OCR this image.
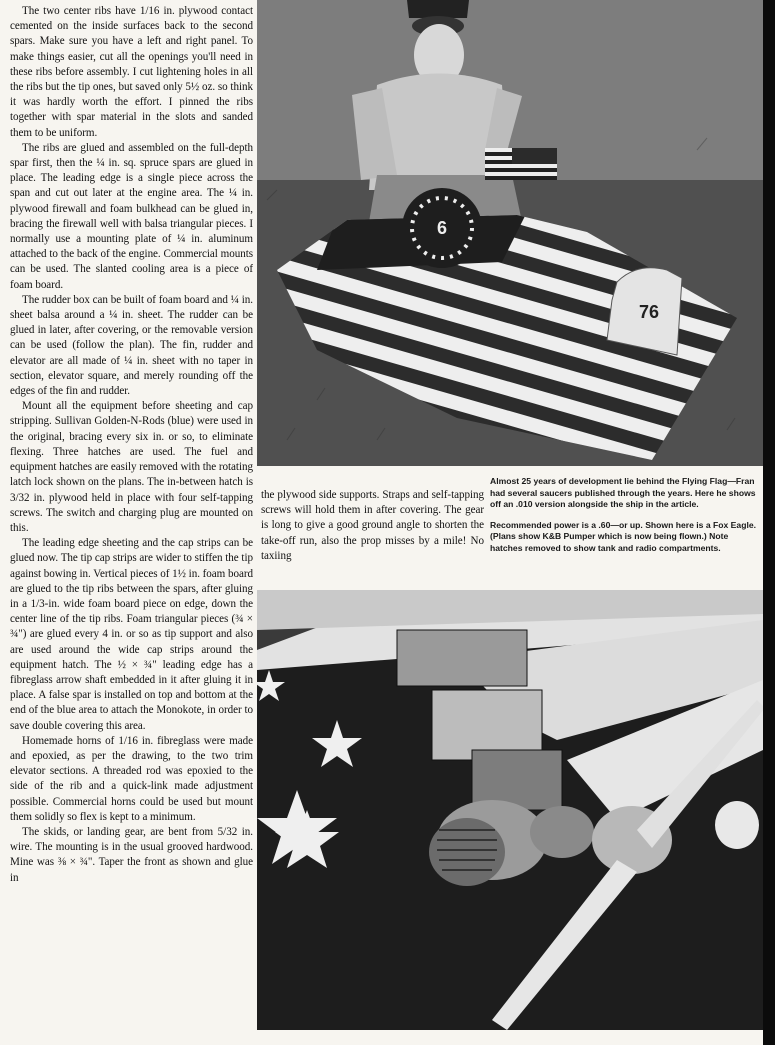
The two center ribs have 1/16 in. plywood contact cemented on the inside surfaces back to the second spars. Make sure you have a left and right panel. To make things easier, cut all the openings you'll need in these ribs before assembly. I cut lightening holes in all the ribs but the tip ones, but saved only 5½ oz. so think it was hardly worth the effort. I pinned the ribs together with spar material in the slots and sanded them to be uniform.

The ribs are glued and assembled on the full-depth spar first, then the ¼ in. sq. spruce spars are glued in place. The leading edge is a single piece across the span and cut out later at the engine area. The ¼ in. plywood firewall and foam bulkhead can be glued in, bracing the firewall well with balsa triangular pieces. I normally use a mounting plate of ¼ in. aluminum attached to the back of the engine. Commercial mounts can be used. The slanted cooling area is a piece of foam board.

The rudder box can be built of foam board and ¼ in. sheet balsa around a ¼ in. sheet. The rudder can be glued in later, after covering, or the removable version can be used (follow the plan). The fin, rudder and elevator are all made of ¼ in. sheet with no taper in section, elevator square, and merely rounding off the edges of the fin and rudder.

Mount all the equipment before sheeting and cap stripping. Sullivan Golden-N-Rods (blue) were used in the original, bracing every six in. or so, to eliminate flexing. Three hatches are used. The fuel and equipment hatches are easily removed with the rotating latch lock shown on the plans. The in-between hatch is 3/32 in. plywood held in place with four self-tapping screws. The switch and charging plug are mounted on this.

The leading edge sheeting and the cap strips can be glued now. The tip cap strips are wider to stiffen the tip against bowing in. Vertical pieces of 1½ in. foam board are glued to the tip ribs between the spars, after gluing in a 1/3-in. wide foam board piece on edge, down the center line of the tip ribs. Foam triangular pieces (¾ × ¾") are glued every 4 in. or so as tip support and also are used around the wide cap strips around the equipment hatch. The ½ × ¾" leading edge has a fibreglass arrow shaft embedded in it after gluing it in place. A false spar is installed on top and bottom at the end of the blue area to attach the Monokote, in order to save double covering this area.

Homemade horns of 1/16 in. fibreglass were made and epoxied, as per the drawing, to the two trim elevator sections. A threaded rod was epoxied to the side of the rib and a quick-link made adjustment possible. Commercial horns could be used but mount them solidly so flex is kept to a minimum.

The skids, or landing gear, are bent from 5/32 in. wire. The mounting is in the usual grooved hardwood. Mine was ⅜ × ¾". Taper the front as shown and glue in

6
76

the plywood side supports. Straps and self-tapping screws will hold them in after covering. The gear is long to give a good ground angle to shorten the take-off run, also the prop misses by a mile! No taxiing

Almost 25 years of development lie behind the Flying Flag—Fran had several saucers published through the years. Here he shows off an .010 version alongside the ship in the article.

Recommended power is a .60—or up. Shown here is a Fox Eagle. (Plans show K&B Pumper which is now being flown.) Note hatches removed to show tank and radio compartments.
